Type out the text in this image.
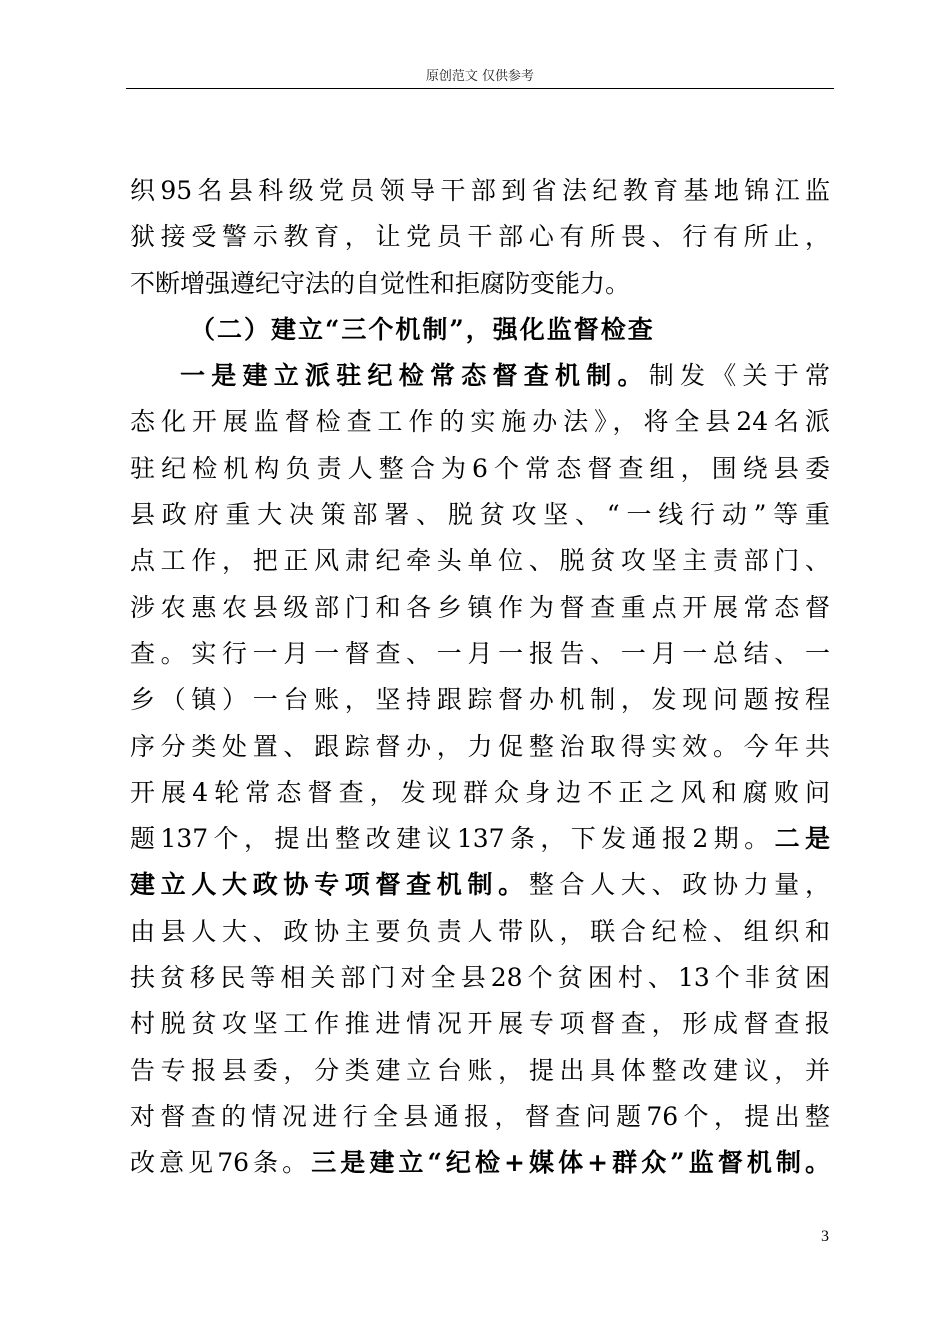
原创范文 仅供参考
织95名县科级党员领导干部到省法纪教育基地锦江监
狱接受警示教育，让党员干部心有所畏、行有所止，
不断增强遵纪守法的自觉性和拒腐防变能力。
（二）建立“三个机制”，强化监督检查
一是建立派驻纪检常态督查机制。制发《关于常
态化开展监督检查工作的实施办法》，将全县24名派
驻纪检机构负责人整合为6个常态督查组，围绕县委
县政府重大决策部署、脱贫攻坚、“一线行动”等重
点工作，把正风肃纪牵头单位、脱贫攻坚主责部门、
涉农惠农县级部门和各乡镇作为督查重点开展常态督
查。实行一月一督查、一月一报告、一月一总结、一
乡（镇）一台账，坚持跟踪督办机制，发现问题按程
序分类处置、跟踪督办，力促整治取得实效。今年共
开展4轮常态督查，发现群众身边不正之风和腐败问
题137个，提出整改建议137条，下发通报2期。二是
建立人大政协专项督查机制。整合人大、政协力量，
由县人大、政协主要负责人带队，联合纪检、组织和
扶贫移民等相关部门对全县28个贫困村、13个非贫困
村脱贫攻坚工作推进情况开展专项督查，形成督查报
告专报县委，分类建立台账，提出具体整改建议，并
对督查的情况进行全县通报，督查问题76个，提出整
改意见76条。三是建立“纪检+媒体+群众”监督机制。
3
